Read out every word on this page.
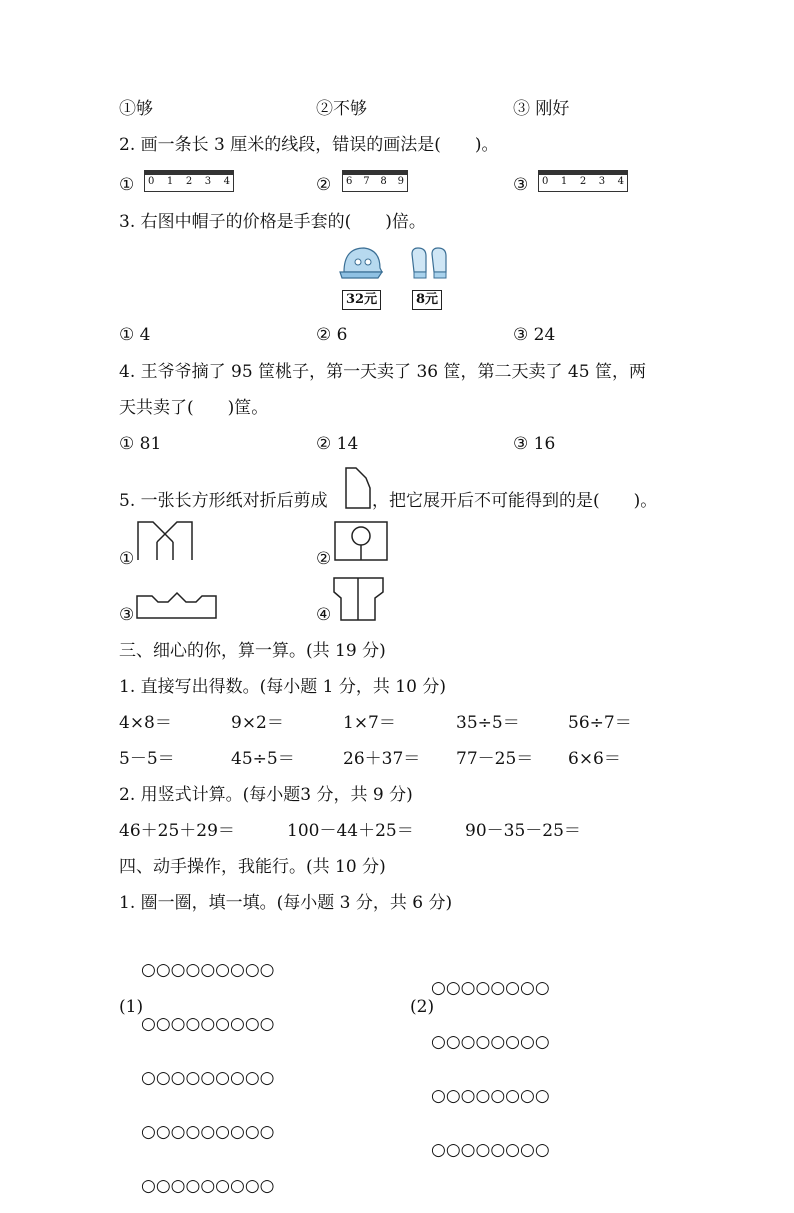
①够	②不够	③ 刚好
2. 画一条长 3 厘米的线段，错误的画法是(　　)。
① 0 1 2 3 4	② 6 7 8 9	③ 0 1 2 3 4
3. 右图中帽子的价格是手套的(　　)倍。
32元	8元
① 4	② 6	③ 24
4. 王爷爷摘了 95 筐桃子，第一天卖了 36 筐，第二天卖了 45 筐，两
天共卖了(　　)筐。
① 81	② 14	③ 16
5. 一张长方形纸对折后剪成	，把它展开后不可能得到的是(　　)。
①	②
③	④
三、细心的你，算一算。(共 19 分)
1. 直接写出得数。(每小题 1 分，共 10 分)
4×8＝	9×2＝	1×7＝	35÷5＝	56÷7＝
5－5＝	45÷5＝	26＋37＝ 77－25＝ 6×6＝
2. 用竖式计算。(每小题3 分，共 9 分)
46＋25＋29＝	100－44＋25＝	90－35－25＝
四、动手操作，我能行。(共 10 分)
1. 圈一圈，填一填。(每小题 3 分，共 6 分)

○○○○○○○○○

○○○○○○○○○

○○○○○○○○○

○○○○○○○○○

○○○○○○○○○

(1)

○○○○○○○○

○○○○○○○○

○○○○○○○○

○○○○○○○○

(2)
